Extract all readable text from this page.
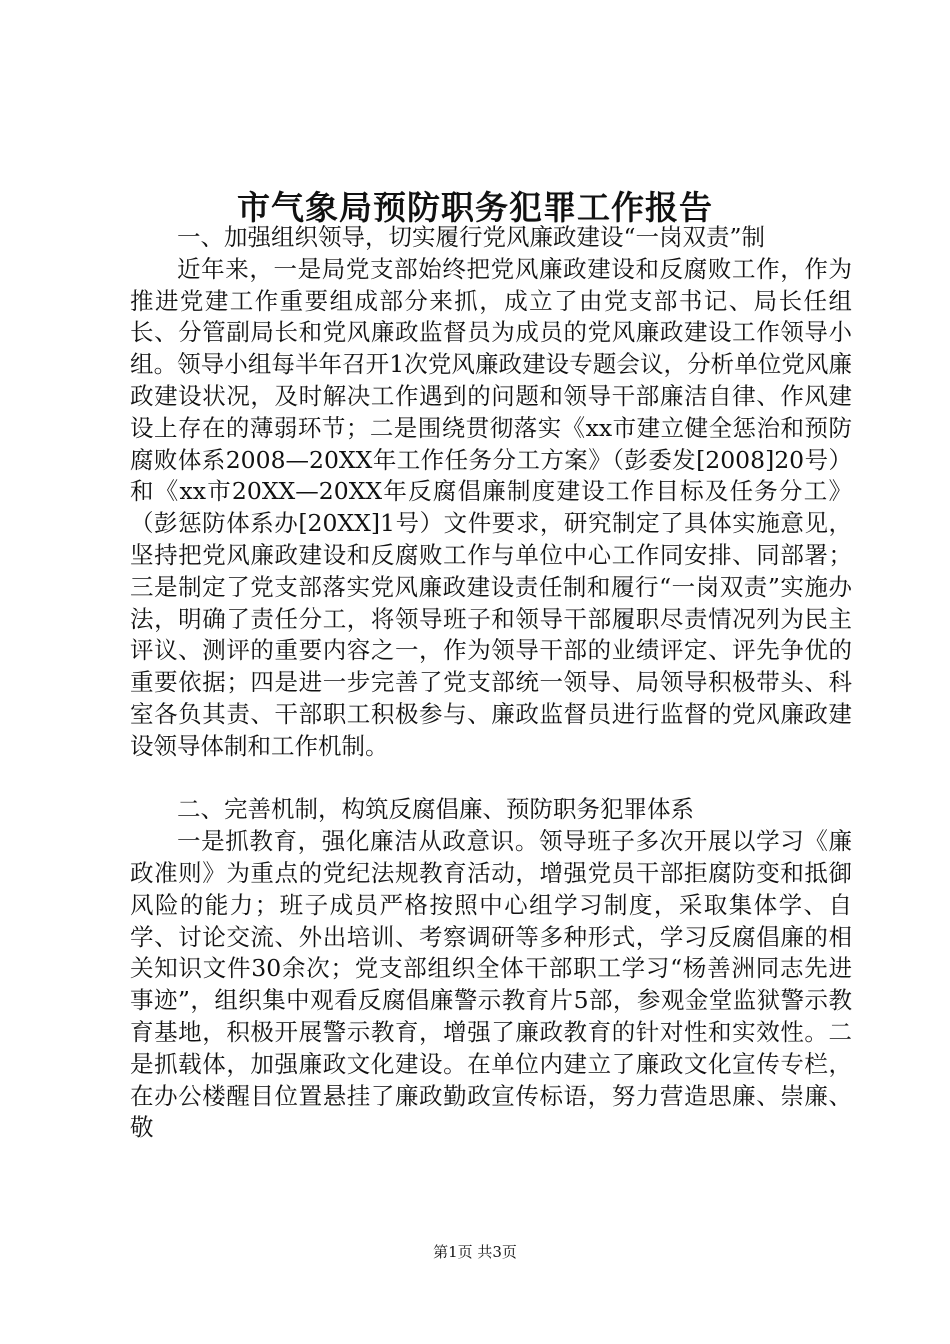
市气象局预防职务犯罪工作报告

一、加强组织领导，切实履行党风廉政建设“一岗双责”制

近年来，一是局党支部始终把党风廉政建设和反腐败工作，作为推进党建工作重要组成部分来抓，成立了由党支部书记、局长任组长、分管副局长和党风廉政监督员为成员的党风廉政建设工作领导小组。领导小组每半年召开1次党风廉政建设专题会议，分析单位党风廉政建设状况，及时解决工作遇到的问题和领导干部廉洁自律、作风建设上存在的薄弱环节；二是围绕贯彻落实《xx市建立健全惩治和预防腐败体系2008—20XX年工作任务分工方案》（彭委发[2008]20号）和《xx市20XX—20XX年反腐倡廉制度建设工作目标及任务分工》（彭惩防体系办[20XX]1号）文件要求，研究制定了具体实施意见，坚持把党风廉政建设和反腐败工作与单位中心工作同安排、同部署；三是制定了党支部落实党风廉政建设责任制和履行“一岗双责”实施办法，明确了责任分工，将领导班子和领导干部履职尽责情况列为民主评议、测评的重要内容之一，作为领导干部的业绩评定、评先争优的重要依据；四是进一步完善了党支部统一领导、局领导积极带头、科室各负其责、干部职工积极参与、廉政监督员进行监督的党风廉政建设领导体制和工作机制。

二、完善机制，构筑反腐倡廉、预防职务犯罪体系

一是抓教育，强化廉洁从政意识。领导班子多次开展以学习《廉政准则》为重点的党纪法规教育活动，增强党员干部拒腐防变和抵御风险的能力；班子成员严格按照中心组学习制度，采取集体学、自学、讨论交流、外出培训、考察调研等多种形式，学习反腐倡廉的相关知识文件30余次；党支部组织全体干部职工学习“杨善洲同志先进事迹”，组织集中观看反腐倡廉警示教育片5部，参观金堂监狱警示教育基地，积极开展警示教育，增强了廉政教育的针对性和实效性。二是抓载体，加强廉政文化建设。在单位内建立了廉政文化宣传专栏，在办公楼醒目位置悬挂了廉政勤政宣传标语，努力营造思廉、崇廉、敬

第1页 共3页
